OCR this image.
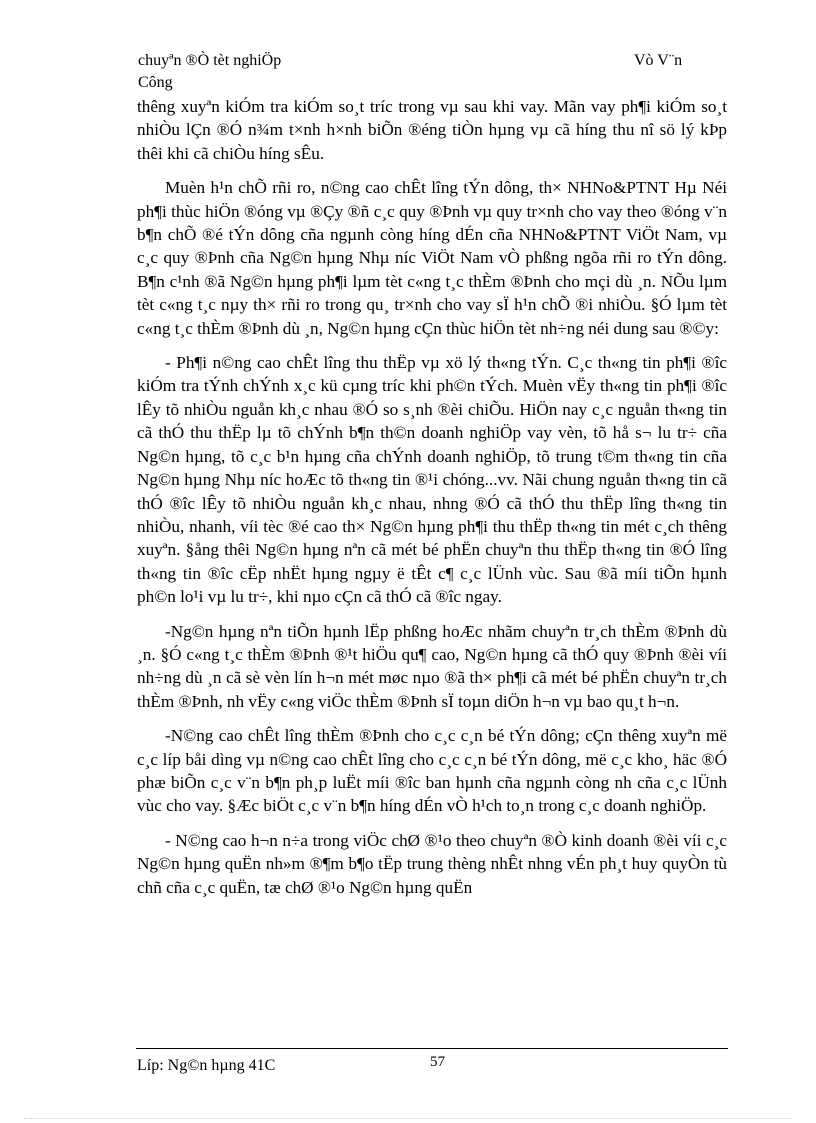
chuyªn ®Ò tèt nghiÖp	Vò V¨n
Công

thêng xuyªn kiÓm tra kiÓm so¸t tríc trong vµ sau khi vay. Mãn vay ph¶i kiÓm so¸t nhiÒu lÇn ®Ó n¾m t×nh h×nh biÕn ®éng tiÒn hµng vµ cã híng thu nî sö lý kÞp thêi khi cã chiÒu híng sÊu.

Muèn h¹n chÕ rñi ro, n©ng cao chÊt lîng tÝn dông, th× NHNo&PTNT Hµ Néi ph¶i thùc hiÖn ®óng vµ ®Çy ®ñ c¸c quy ®Þnh vµ quy tr×nh cho vay theo ®óng v¨n b¶n chÕ ®é tÝn dông cña ngµnh còng híng dÉn cña NHNo&PTNT ViÖt Nam, vµ c¸c quy ®Þnh cña Ng©n hµng Nhµ níc ViÖt Nam vÒ phßng ngõa rñi ro tÝn dông. B¶n c¹nh ®ã Ng©n hµng ph¶i lµm tèt c«ng t¸c thÈm ®Þnh cho mçi dù ¸n. NÕu lµm tèt c«ng t¸c nµy th× rñi ro trong qu¸ tr×nh cho vay sÏ h¹n chÕ ®i nhiÒu. §Ó lµm tèt c«ng t¸c thÈm ®Þnh dù ¸n, Ng©n hµng cÇn thùc hiÖn tèt nh÷ng néi dung sau ®©y:

- Ph¶i n©ng cao chÊt lîng thu thËp vµ xö lý th«ng tÝn. C¸c th«ng tin ph¶i ®îc kiÓm tra tÝnh chÝnh x¸c kü cµng tríc khi ph©n tÝch. Muèn vËy th«ng tin ph¶i ®îc lÊy tõ nhiÒu nguån kh¸c nhau ®Ó so s¸nh ®èi chiÕu. HiÖn nay c¸c nguån th«ng tin cã thÓ thu thËp lµ tõ chÝnh b¶n th©n doanh nghiÖp vay vèn, tõ hå s¬ lu tr÷ cña Ng©n hµng, tõ c¸c b¹n hµng cña chÝnh doanh nghiÖp, tõ trung t©m th«ng tin cña Ng©n hµng Nhµ níc hoÆc tõ th«ng tin ®¹i chóng...vv. Nãi chung nguån th«ng tin cã thÓ ®îc lÊy tõ nhiÒu nguån kh¸c nhau, nhng ®Ó cã thÓ thu thËp lîng th«ng tin nhiÒu, nhanh, víi tèc ®é cao th× Ng©n hµng ph¶i thu thËp th«ng tin mét c¸ch thêng xuyªn. §ång thêi Ng©n hµng nªn cã mét bé phËn chuyªn thu thËp th«ng tin ®Ó lîng th«ng tin ®îc cËp nhËt hµng ngµy ë tÊt c¶ c¸c lÜnh vùc. Sau ®ã míi tiÕn hµnh ph©n lo¹i vµ lu tr÷, khi nµo cÇn cã thÓ cã ®îc ngay.

-Ng©n hµng nªn tiÕn hµnh lËp phßng hoÆc nhãm chuyªn tr¸ch thÈm ®Þnh dù ¸n. §Ó c«ng t¸c thÈm ®Þnh ®¹t hiÖu qu¶ cao, Ng©n hµng cã thÓ quy ®Þnh ®èi víi nh÷ng dù ¸n cã sè vèn lín h¬n mét møc nµo ®ã th× ph¶i cã mét bé phËn chuyªn tr¸ch thÈm ®Þnh, nh vËy c«ng viÖc thÈm ®Þnh sÏ toµn diÖn h¬n vµ bao qu¸t h¬n.

-N©ng cao chÊt lîng thÈm ®Þnh cho c¸c c¸n bé tÝn dông; cÇn thêng xuyªn më c¸c líp båi dìng vµ n©ng cao chÊt lîng cho c¸c c¸n bé tÝn dông, më c¸c kho¸ häc ®Ó phæ biÕn c¸c v¨n b¶n ph¸p luËt míi ®îc ban hµnh cña ngµnh còng nh cña c¸c lÜnh vùc cho vay. §Æc biÖt c¸c v¨n b¶n híng dÉn vÒ h¹ch to¸n trong c¸c doanh nghiÖp.

- N©ng cao h¬n n÷a trong viÖc chØ ®¹o theo chuyªn ®Ò kinh doanh ®èi víi c¸c Ng©n hµng quËn nh»m ®¶m b¶o tËp trung thèng nhÊt nhng vÉn ph¸t huy quyÒn tù chñ cña c¸c quËn, tæ chØ ®¹o Ng©n hµng quËn

Líp: Ng©n hµng 41C	57
